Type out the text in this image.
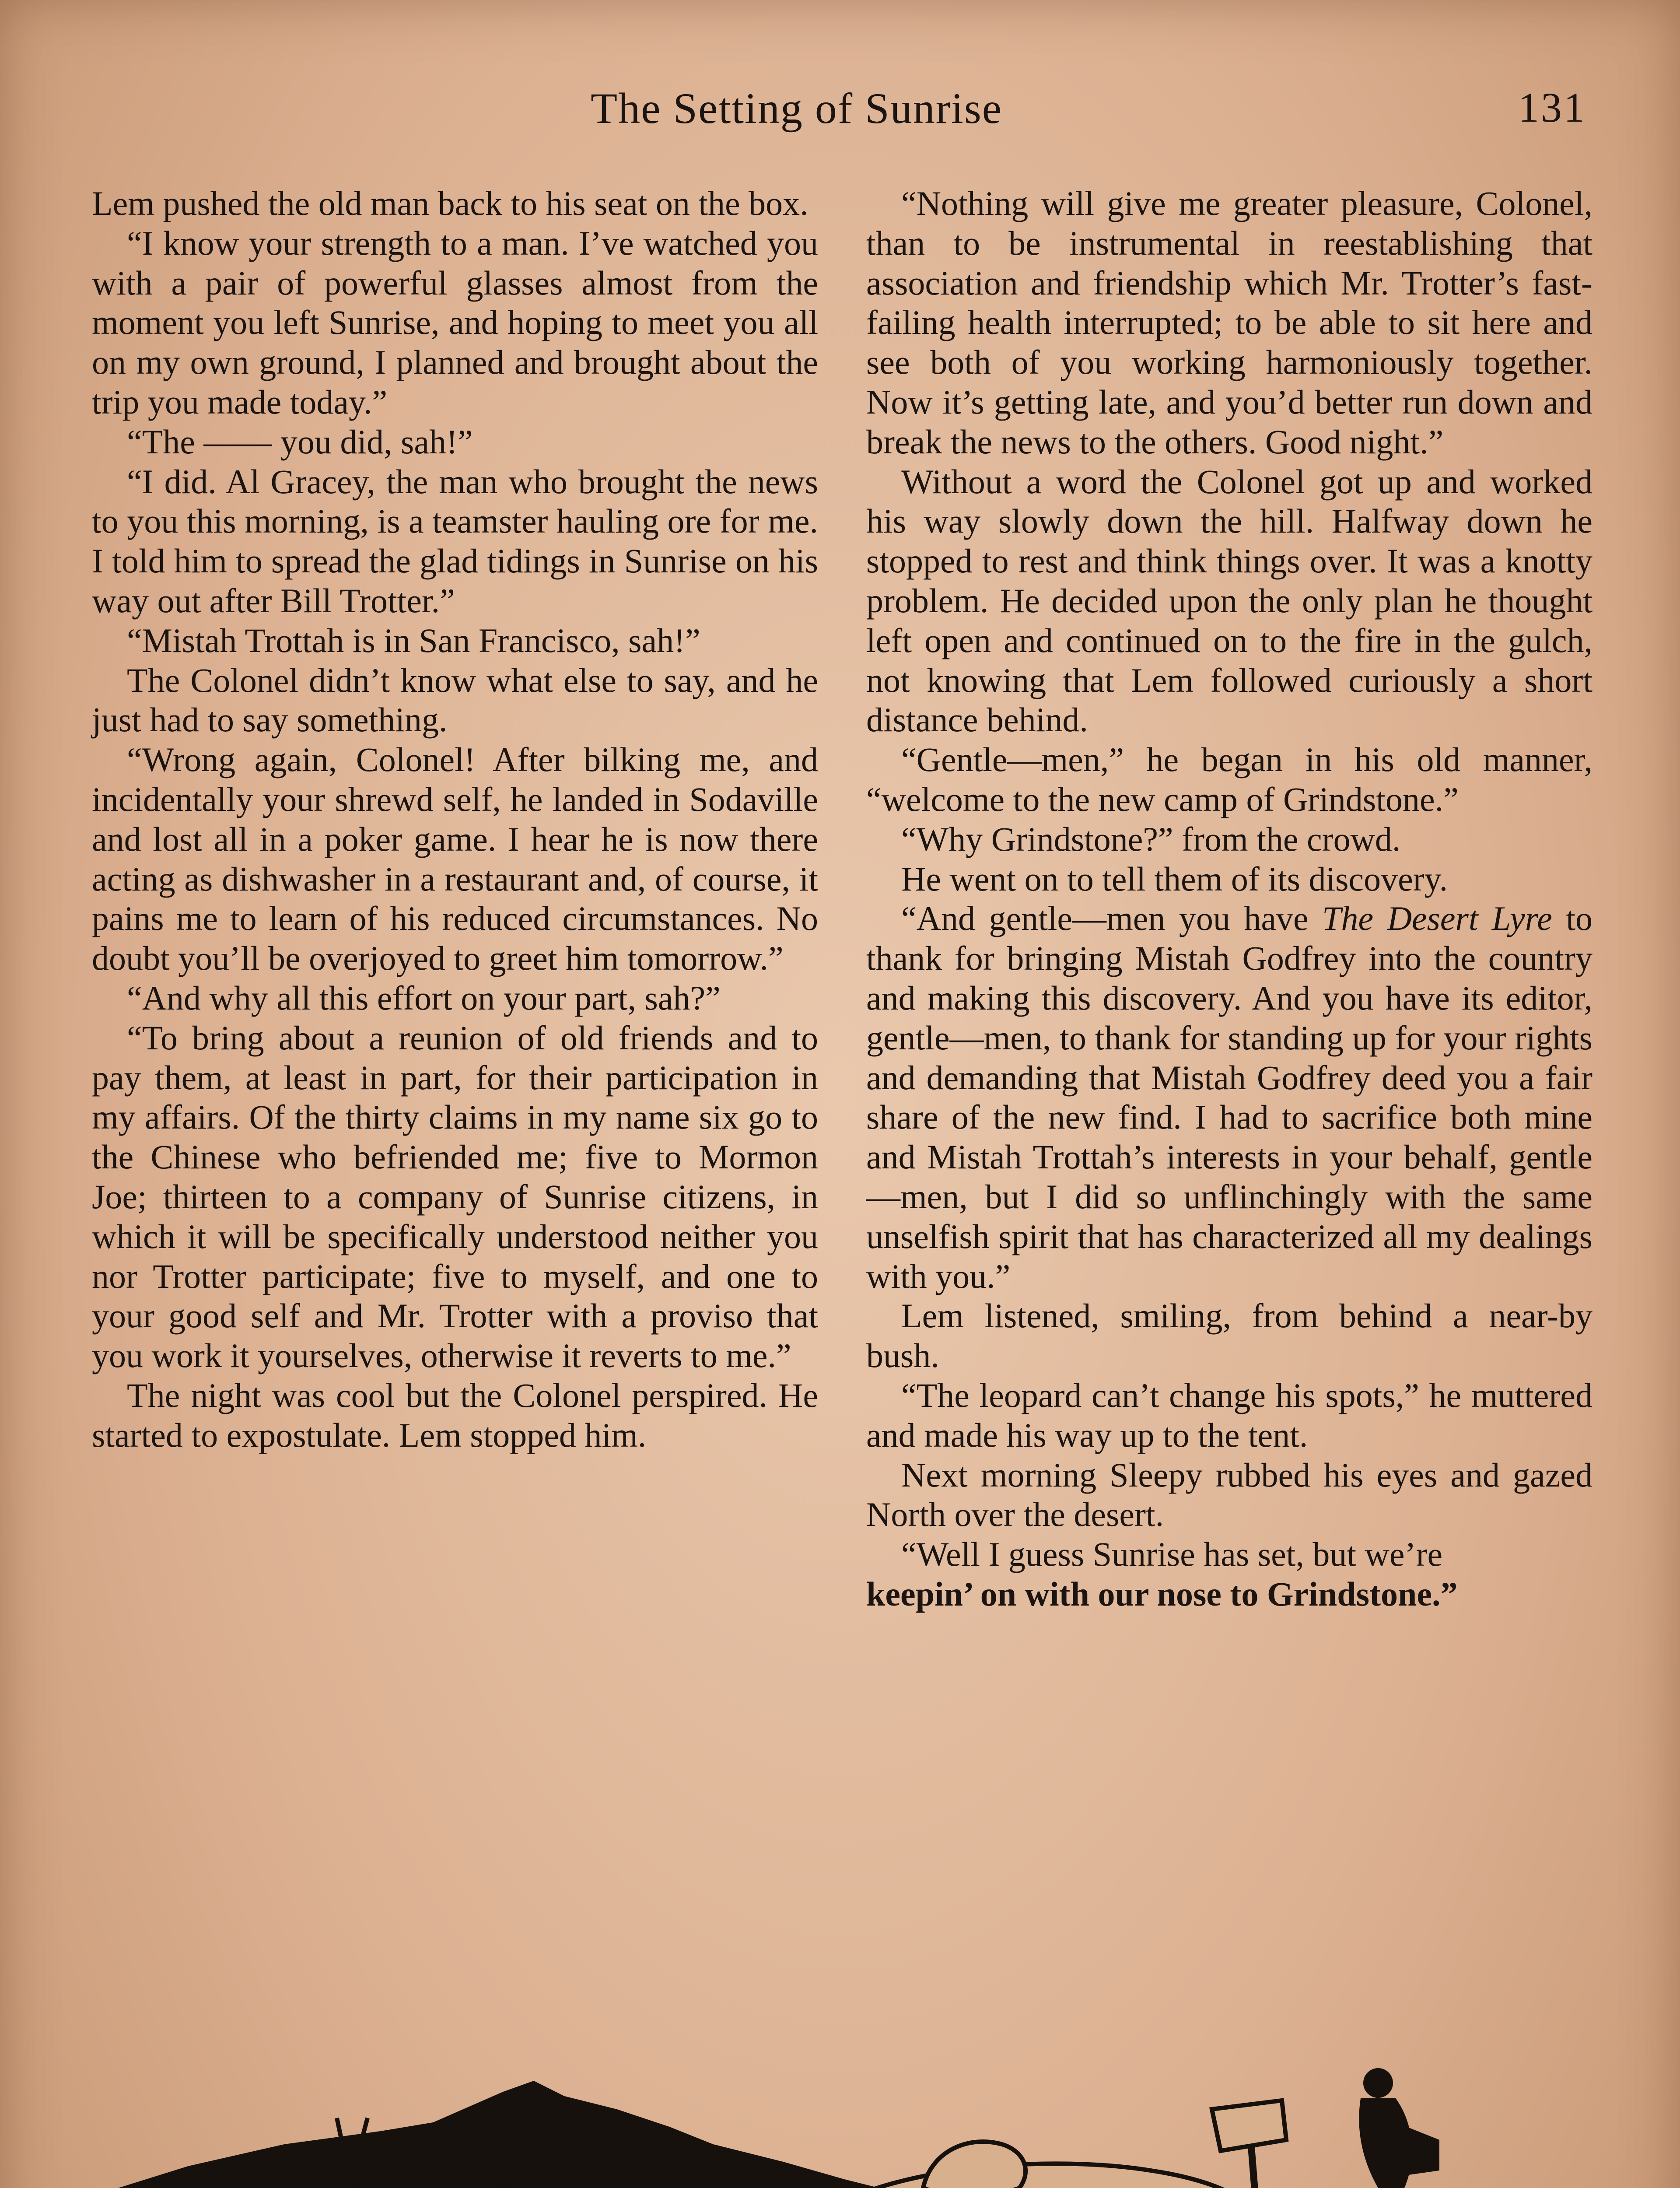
The Setting of Sunrise	131

Lem pushed the old man back to his seat on the box.

“I know your strength to a man. I’ve watched you with a pair of powerful glasses almost from the moment you left Sunrise, and hoping to meet you all on my own ground, I planned and brought about the trip you made today.”

“The —— you did, sah!”

“I did. Al Gracey, the man who brought the news to you this morning, is a teamster hauling ore for me. I told him to spread the glad tidings in Sunrise on his way out after Bill Trotter.”

“Mistah Trottah is in San Francisco, sah!”

The Colonel didn’t know what else to say, and he just had to say something.

“Wrong again, Colonel! After bilking me, and incidentally your shrewd self, he landed in Sodaville and lost all in a poker game. I hear he is now there acting as dishwasher in a restaurant and, of course, it pains me to learn of his reduced circumstances. No doubt you’ll be overjoyed to greet him tomorrow.”

“And why all this effort on your part, sah?”

“To bring about a reunion of old friends and to pay them, at least in part, for their participation in my affairs. Of the thirty claims in my name six go to the Chinese who befriended me; five to Mormon Joe; thirteen to a company of Sunrise citizens, in which it will be specifically understood neither you nor Trotter participate; five to myself, and one to your good self and Mr. Trotter with a proviso that you work it yourselves, otherwise it reverts to me.”

The night was cool but the Colonel perspired. He started to expostulate. Lem stopped him.

“Nothing will give me greater pleasure, Colonel, than to be instrumental in reestablishing that association and friendship which Mr. Trotter’s fast-failing health interrupted; to be able to sit here and see both of you working harmoniously together. Now it’s getting late, and you’d better run down and break the news to the others. Good night.”

Without a word the Colonel got up and worked his way slowly down the hill. Halfway down he stopped to rest and think things over. It was a knotty problem. He decided upon the only plan he thought left open and continued on to the fire in the gulch, not knowing that Lem followed curiously a short distance behind.

“Gentle—men,” he began in his old manner, “welcome to the new camp of Grindstone.”

“Why Grindstone?” from the crowd.

He went on to tell them of its discovery.

“And gentle—men you have The Desert Lyre to thank for bringing Mistah Godfrey into the country and making this discovery. And you have its editor, gentle—men, to thank for standing up for your rights and demanding that Mistah Godfrey deed you a fair share of the new find. I had to sacrifice both mine and Mistah Trottah’s interests in your behalf, gentle—men, but I did so unflinchingly with the same unselfish spirit that has characterized all my dealings with you.”

Lem listened, smiling, from behind a near-by bush.

“The leopard can’t change his spots,” he muttered and made his way up to the tent.

Next morning Sleepy rubbed his eyes and gazed North over the desert.

“Well I guess Sunrise has set, but we’re
keepin’ on with our nose to Grindstone.”
